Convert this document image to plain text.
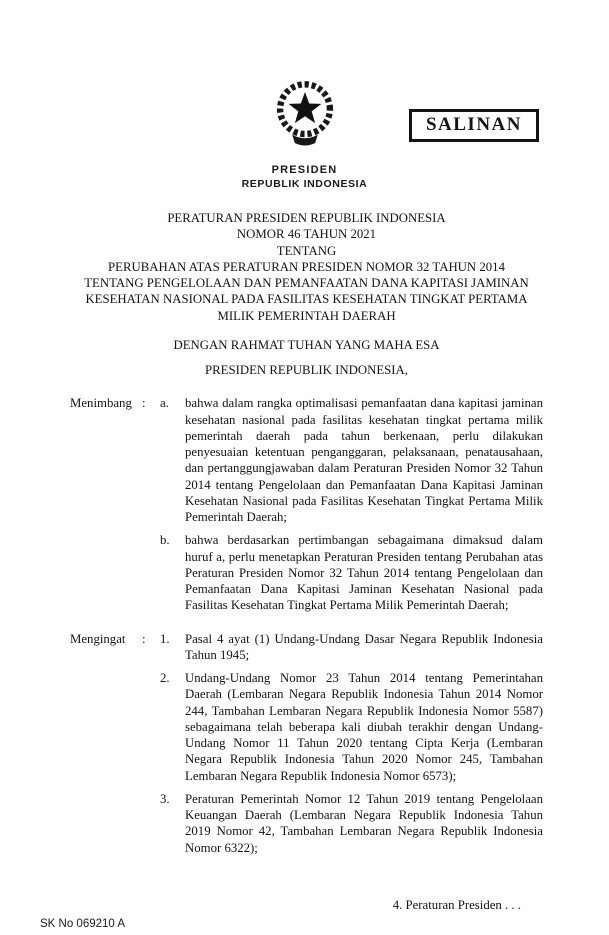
SALINAN
PRESIDEN
REPUBLIK INDONESIA
PERATURAN PRESIDEN REPUBLIK INDONESIA
NOMOR 46 TAHUN 2021
TENTANG
PERUBAHAN ATAS PERATURAN PRESIDEN NOMOR 32 TAHUN 2014
TENTANG PENGELOLAAN DAN PEMANFAATAN DANA KAPITASI JAMINAN
KESEHATAN NASIONAL PADA FASILITAS KESEHATAN TINGKAT PERTAMA
MILIK PEMERINTAH DAERAH
DENGAN RAHMAT TUHAN YANG MAHA ESA
PRESIDEN REPUBLIK INDONESIA,
Menimbang :	a.	bahwa dalam rangka optimalisasi pemanfaatan dana kapitasi jaminan kesehatan nasional pada fasilitas kesehatan tingkat pertama milik pemerintah daerah pada tahun berkenaan, perlu dilakukan penyesuaian ketentuan penganggaran, pelaksanaan, penatausahaan, dan pertanggungjawaban dalam Peraturan Presiden Nomor 32 Tahun 2014 tentang Pengelolaan dan Pemanfaatan Dana Kapitasi Jaminan Kesehatan Nasional pada Fasilitas Kesehatan Tingkat Pertama Milik Pemerintah Daerah;
b.	bahwa berdasarkan pertimbangan sebagaimana dimaksud dalam huruf a, perlu menetapkan Peraturan Presiden tentang Perubahan atas Peraturan Presiden Nomor 32 Tahun 2014 tentang Pengelolaan dan Pemanfaatan Dana Kapitasi Jaminan Kesehatan Nasional pada Fasilitas Kesehatan Tingkat Pertama Milik Pemerintah Daerah;
Mengingat	:	1.	Pasal 4 ayat (1) Undang-Undang Dasar Negara Republik Indonesia Tahun 1945;
2.	Undang-Undang Nomor 23 Tahun 2014 tentang Pemerintahan Daerah (Lembaran Negara Republik Indonesia Tahun 2014 Nomor 244, Tambahan Lembaran Negara Republik Indonesia Nomor 5587) sebagaimana telah beberapa kali diubah terakhir dengan Undang-Undang Nomor 11 Tahun 2020 tentang Cipta Kerja (Lembaran Negara Republik Indonesia Tahun 2020 Nomor 245, Tambahan Lembaran Negara Republik Indonesia Nomor 6573);
3.	Peraturan Pemerintah Nomor 12 Tahun 2019 tentang Pengelolaan Keuangan Daerah (Lembaran Negara Republik Indonesia Tahun 2019 Nomor 42, Tambahan Lembaran Negara Republik Indonesia Nomor 6322);
4. Peraturan Presiden . . .
SK No 069210 A
